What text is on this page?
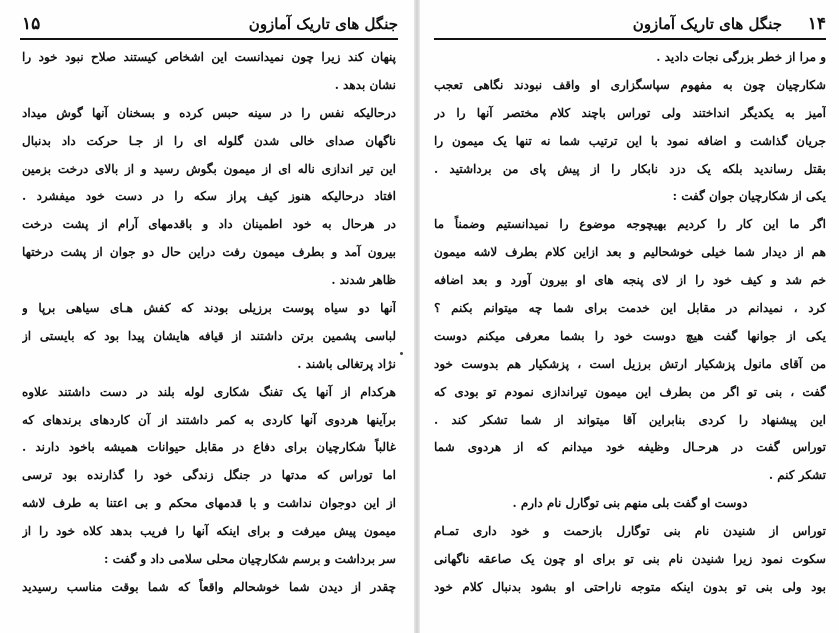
۱۵	جنگل های تاریک آمازون
پنهان کند زیرا چون نمیدانست این اشخاص کیستند صلاح نبود خود را
نشان بدهد .
درحالیکه نفس را در سینه حبس کرده و بسخنان آنها گوش میداد
ناگهان صدای خالی شدن گلوله ای را از جـا حرکت داد بدنبال
این تیر اندازی ناله ای از میمون بگوش رسید و از بالای درخت بزمین
افتاد درحالیکه هنوز کیف پراز سکه را در دست خود میفشرد .
در هرحال به خود اطمینان داد و باقدمهای آرام از پشت درخت
بیرون آمد و بطرف میمون رفت دراین حال دو جوان از پشت درختها
ظاهر شدند .
آنها دو سیاه پوست برزیلی بودند که کفش هـای سیاهی برپا و
لباسی پشمین برتن داشتند از قیافه هایشان پیدا بود که بایستی از
نژاد پرتغالی باشند .
هرکدام از آنها یک تفنگ شکاری لوله بلند در دست داشتند علاوه
برآینها هردوی آنها کاردی به کمر داشتند از آن کاردهای برندهای که
غالباً شکارچیان برای دفاع در مقابل حیوانات همیشه باخود دارند .
اما توراس که مدتها در جنگل زندگی خود را گذارنده بود ترسی
از این دوجوان نداشت و با قدمهای محکم و بی اعتنا به طرف لاشه
میمون پیش میرفت و برای اینکه آنها را فریب بدهد کلاه خود را از
سر برداشت و برسم شکارچیان محلی سلامی داد و گفت :
چقدر از دیدن شما خوشحالم واقعاً که شما بوقت مناسب رسیدید
جنگل های تاریک آمازون ۱۴
و مرا از خطر بزرگی نجات دادید .
شکارچیان چون به مفهوم سپاسگزاری او واقف نبودند نگاهی تعجب
آمیز به یکدیگر انداختند ولی توراس باچند کلام مختصر آنها را در
جریان گذاشت و اضافه نمود با این ترتیب شما نه تنها یک میمون را
بقتل رساندید بلکه یک دزد نابکار را از پیش پای من برداشتید .
یکی از شکارچیان جوان گفت :
اگر ما این کار را کردیم بهیچوجه موضوع را نمیدانستیم وضمناً ما
هم از دیدار شما خیلی خوشحالیم و بعد ازاین کلام بطرف لاشه میمون
خم شد و کیف خود را از لای پنجه های او بیرون آورد و بعد اضافه
کرد ، نمیدانم در مقابل این خدمت برای شما چه میتوانم بکنم ؟
یکی از جوانها گفت هیچ دوست خود را بشما معرفی میکنم دوست
من آقای مانول پزشکیار ارتش برزیل است ، پزشکیار هم بدوست خود
گفت ، بنی تو اگر من بطرف این میمون تیراندازی نمودم تو بودی که
این پیشنهاد را کردی بنابراین آقا میتواند از شما تشکر کند .
توراس گفت در هرحـال وظیفه خود میدانم که از هردوی شما
تشکر کنم .
دوست او گفت بلی منهم بنی توگارل نام دارم .
توراس از شنیدن نام بنی توگارل بازحمت و خود داری تمـام
سکوت نمود زیرا شنیدن نام بنی تو برای او چون یک صاعقه ناگهانی
بود ولی بنی تو بدون اینکه متوجه ناراحتی او بشود بدنبال کلام خود
